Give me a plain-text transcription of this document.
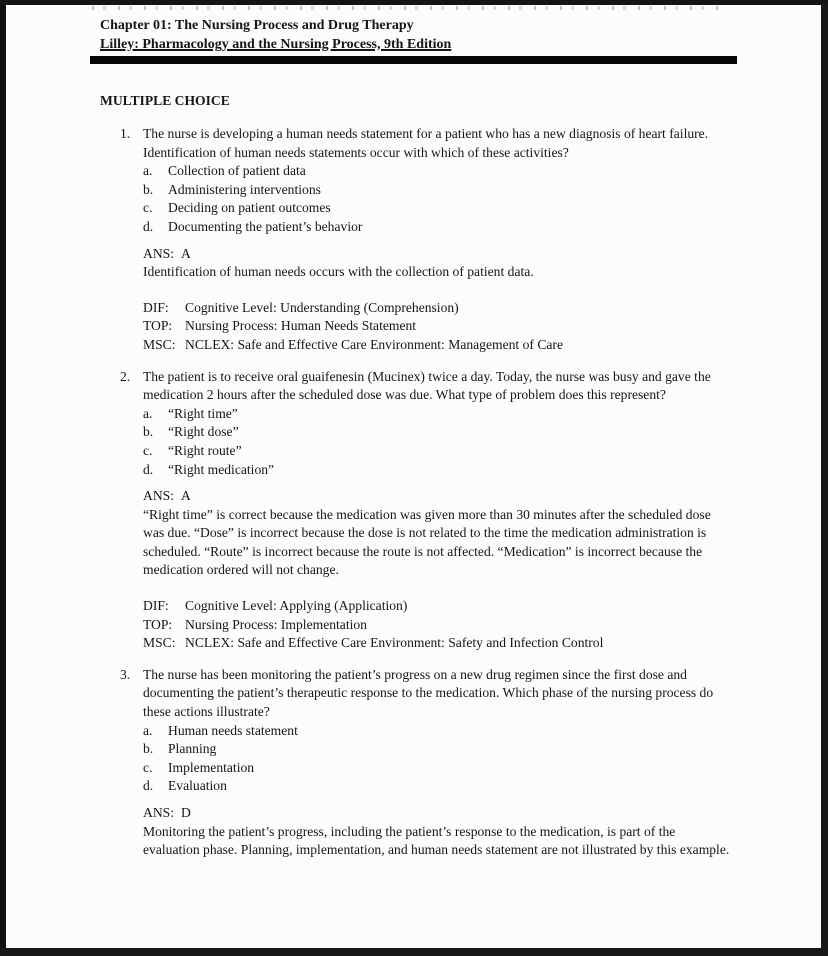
Chapter 01: The Nursing Process and Drug Therapy
Lilley: Pharmacology and the Nursing Process, 9th Edition
MULTIPLE CHOICE
1. The nurse is developing a human needs statement for a patient who has a new diagnosis of heart failure. Identification of human needs statements occur with which of these activities?
a.	Collection of patient data
b.	Administering interventions
c.	Deciding on patient outcomes
d.	Documenting the patient’s behavior
ANS: A
Identification of human needs occurs with the collection of patient data.
DIF:	Cognitive Level: Understanding (Comprehension)
TOP: Nursing Process: Human Needs Statement
MSC: NCLEX: Safe and Effective Care Environment: Management of Care
2. The patient is to receive oral guaifenesin (Mucinex) twice a day. Today, the nurse was busy and gave the medication 2 hours after the scheduled dose was due. What type of problem does this represent?
a.	“Right time”
b.	“Right dose”
c.	“Right route”
d.	“Right medication”
ANS: A
“Right time” is correct because the medication was given more than 30 minutes after the scheduled dose was due. “Dose” is incorrect because the dose is not related to the time the medication administration is scheduled. “Route” is incorrect because the route is not affected. “Medication” is incorrect because the medication ordered will not change.
DIF:	Cognitive Level: Applying (Application)
TOP: Nursing Process: Implementation
MSC: NCLEX: Safe and Effective Care Environment: Safety and Infection Control
3. The nurse has been monitoring the patient’s progress on a new drug regimen since the first dose and documenting the patient’s therapeutic response to the medication. Which phase of the nursing process do these actions illustrate?
a.	Human needs statement
b.	Planning
c.	Implementation
d.	Evaluation
ANS: D
Monitoring the patient’s progress, including the patient’s response to the medication, is part of the evaluation phase. Planning, implementation, and human needs statement are not illustrated by this example.
